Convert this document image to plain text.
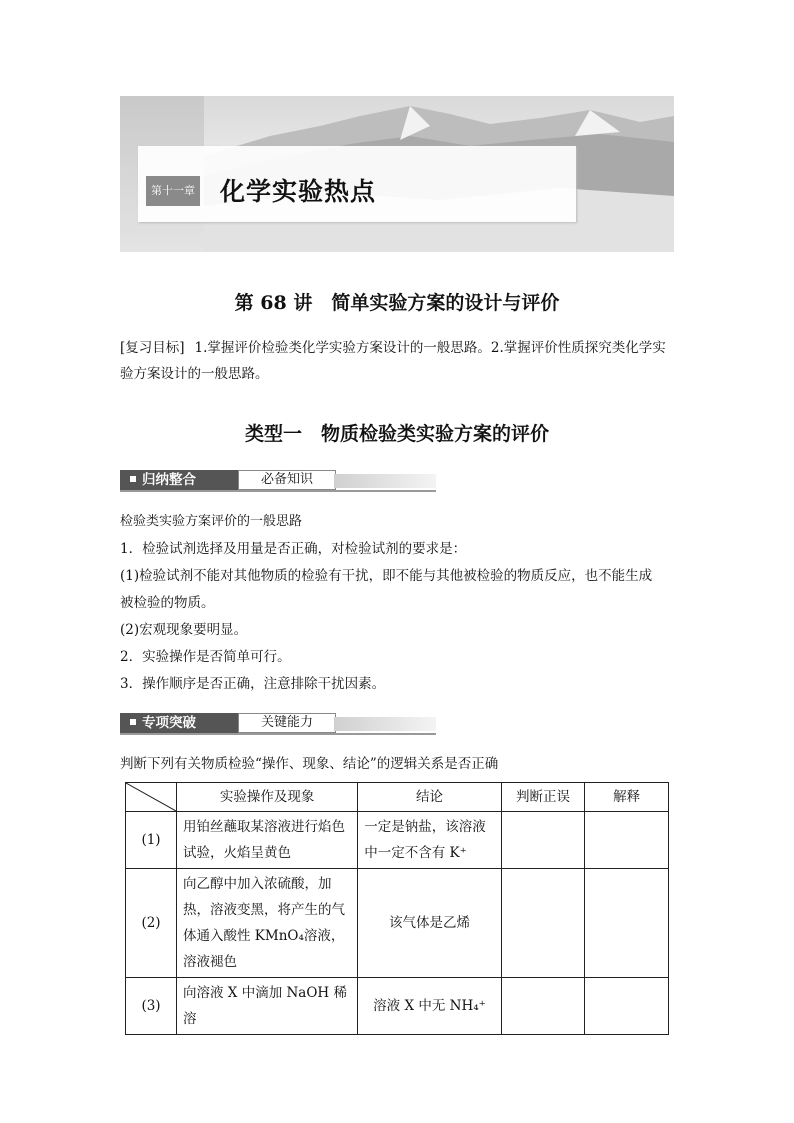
第十一章 化学实验热点
第 68 讲　简单实验方案的设计与评价
[复习目标] 1.掌握评价检验类化学实验方案设计的一般思路。2.掌握评价性质探究类化学实验方案设计的一般思路。
类型一　物质检验类实验方案的评价
归纳整合	必备知识
检验类实验方案评价的一般思路
1．检验试剂选择及用量是否正确，对检验试剂的要求是：
(1)检验试剂不能对其他物质的检验有干扰，即不能与其他被检验的物质反应，也不能生成
被检验的物质。
(2)宏观现象要明显。
2．实验操作是否简单可行。
3．操作顺序是否正确，注意排除干扰因素。
专项突破	关键能力
判断下列有关物质检验“操作、现象、结论”的逻辑关系是否正确
	实验操作及现象	结论	判断正误	解释
(1)	用铂丝蘸取某溶液进行焰色试验，火焰呈黄色	一定是钠盐，该溶液中一定不含有 K⁺		
(2)	向乙醇中加入浓硫酸，加热，溶液变黑，将产生的气体通入酸性 KMnO₄溶液，溶液褪色	该气体是乙烯		
(3)	向溶液 X 中滴加 NaOH 稀溶	溶液 X 中无 NH₄⁺		
